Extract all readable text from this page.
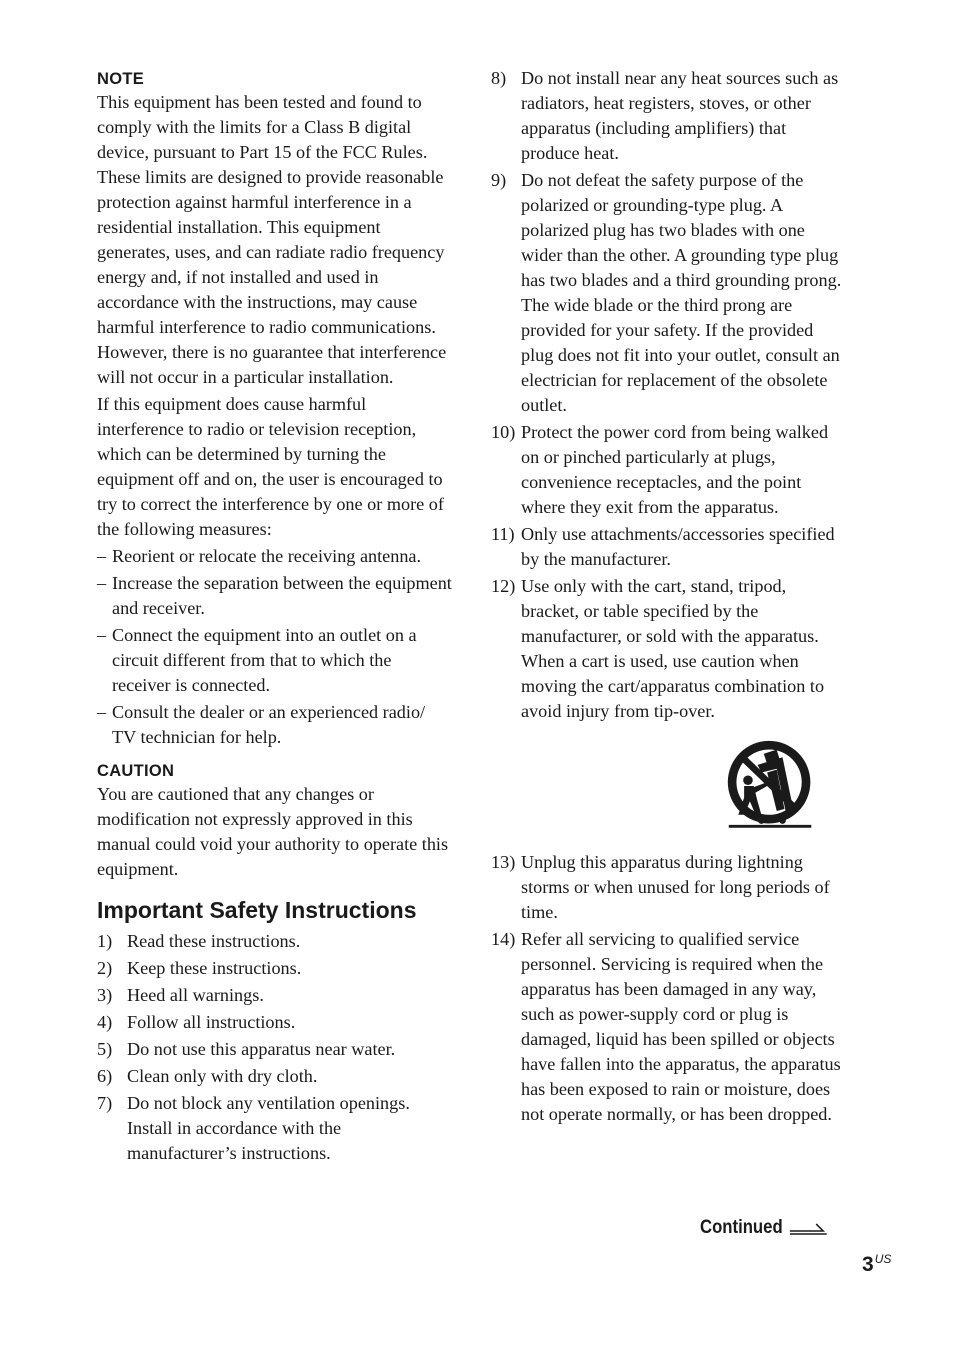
NOTE

This equipment has been tested and found to comply with the limits for a Class B digital device, pursuant to Part 15 of the FCC Rules. These limits are designed to provide reasonable protection against harmful interference in a residential installation. This equipment generates, uses, and can radiate radio frequency energy and, if not installed and used in accordance with the instructions, may cause harmful interference to radio communications. However, there is no guarantee that interference will not occur in a particular installation.

If this equipment does cause harmful interference to radio or television reception, which can be determined by turning the equipment off and on, the user is encouraged to try to correct the interference by one or more of the following measures:

– Reorient or relocate the receiving antenna.
– Increase the separation between the equipment and receiver.
– Connect the equipment into an outlet on a circuit different from that to which the receiver is connected.
– Consult the dealer or an experienced radio/ TV technician for help.
CAUTION

You are cautioned that any changes or modification not expressly approved in this manual could void your authority to operate this equipment.

Important Safety Instructions
1) Read these instructions.
2) Keep these instructions.
3) Heed all warnings.
4) Follow all instructions.
5) Do not use this apparatus near water.
6) Clean only with dry cloth.
7) Do not block any ventilation openings. Install in accordance with the manufacturer’s instructions.
8) Do not install near any heat sources such as radiators, heat registers, stoves, or other apparatus (including amplifiers) that produce heat.
9) Do not defeat the safety purpose of the polarized or grounding-type plug. A polarized plug has two blades with one wider than the other. A grounding type plug has two blades and a third grounding prong. The wide blade or the third prong are provided for your safety. If the provided plug does not fit into your outlet, consult an electrician for replacement of the obsolete outlet.
10) Protect the power cord from being walked on or pinched particularly at plugs, convenience receptacles, and the point where they exit from the apparatus.
11) Only use attachments/accessories specified by the manufacturer.
12) Use only with the cart, stand, tripod, bracket, or table specified by the manufacturer, or sold with the apparatus. When a cart is used, use caution when moving the cart/apparatus combination to avoid injury from tip-over.
13) Unplug this apparatus during lightning storms or when unused for long periods of time.
14) Refer all servicing to qualified service personnel. Servicing is required when the apparatus has been damaged in any way, such as power-supply cord or plug is damaged, liquid has been spilled or objects have fallen into the apparatus, the apparatus has been exposed to rain or moisture, does not operate normally, or has been dropped.
Continued
$3^{US}$
